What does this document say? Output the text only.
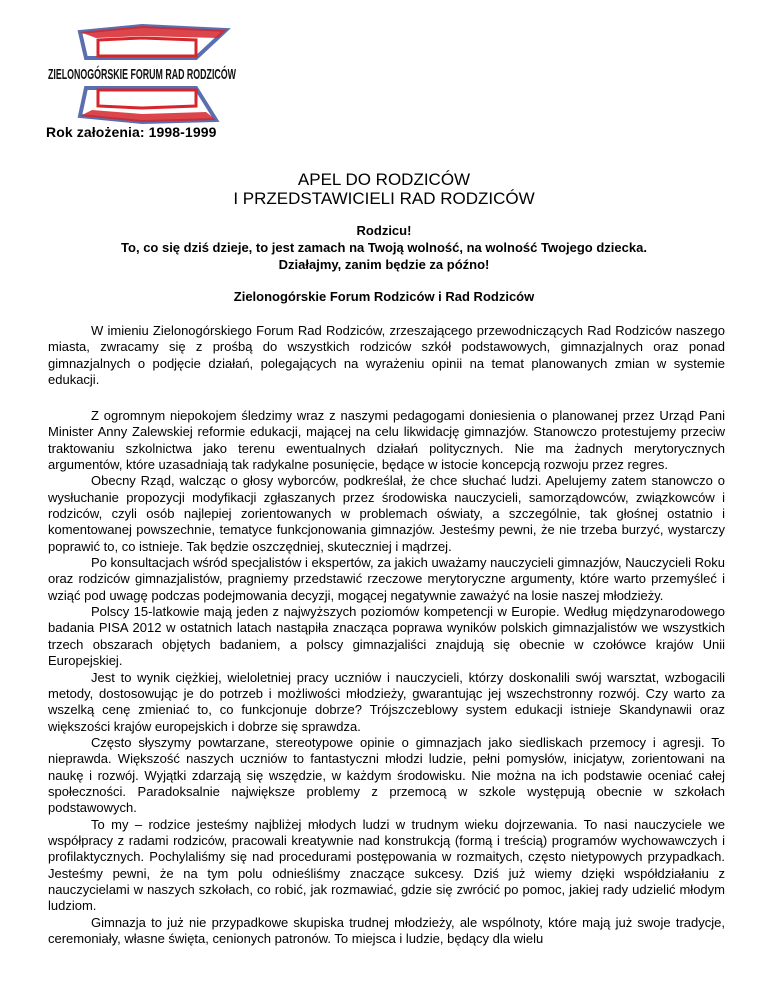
ZIELONOGÓRSKIE FORUM RAD RODZICÓW
Rok założenia: 1998-1999
APEL DO RODZICÓW
I PRZEDSTAWICIELI RAD RODZICÓW
Rodzicu!
To, co się dziś dzieje, to jest zamach na Twoją wolność, na wolność Twojego dziecka.
Działajmy, zanim będzie za późno!
Zielonogórskie Forum Rodziców i Rad Rodziców

W imieniu Zielonogórskiego Forum Rad Rodziców, zrzeszającego przewodniczących Rad Rodziców naszego miasta, zwracamy się z prośbą do wszystkich rodziców szkół podstawowych, gimnazjalnych oraz ponad gimnazjalnych o podjęcie działań, polegających na wyrażeniu opinii na temat planowanych zmian w systemie edukacji.

Z ogromnym niepokojem śledzimy wraz z naszymi pedagogami doniesienia o planowanej przez Urząd Pani Minister Anny Zalewskiej reformie edukacji, mającej na celu likwidację gimnazjów. Stanowczo protestujemy przeciw traktowaniu szkolnictwa jako terenu ewentualnych działań politycznych. Nie ma żadnych merytorycznych argumentów, które uzasadniają tak radykalne posunięcie, będące w istocie koncepcją rozwoju przez regres.

Obecny Rząd, walcząc o głosy wyborców, podkreślał, że chce słuchać ludzi. Apelujemy zatem stanowczo o wysłuchanie propozycji modyfikacji zgłaszanych przez środowiska nauczycieli, samorządowców, związkowców i rodziców, czyli osób najlepiej zorientowanych w problemach oświaty, a szczególnie, tak głośnej ostatnio i komentowanej powszechnie, tematyce funkcjonowania gimnazjów. Jesteśmy pewni, że nie trzeba burzyć, wystarczy poprawić to, co istnieje. Tak będzie oszczędniej, skuteczniej i mądrzej.

Po konsultacjach wśród specjalistów i ekspertów, za jakich uważamy nauczycieli gimnazjów, Nauczycieli Roku oraz rodziców gimnazjalistów, pragniemy przedstawić rzeczowe merytoryczne argumenty, które warto przemyśleć i wziąć pod uwagę podczas podejmowania decyzji, mogącej negatywnie zaważyć na losie naszej młodzieży.

Polscy 15-latkowie mają jeden z najwyższych poziomów kompetencji w Europie. Według międzynarodowego badania PISA 2012 w ostatnich latach nastąpiła znacząca poprawa wyników polskich gimnazjalistów we wszystkich trzech obszarach objętych badaniem, a polscy gimnazjaliści znajdują się obecnie w czołówce krajów Unii Europejskiej.

Jest to wynik ciężkiej, wieloletniej pracy uczniów i nauczycieli, którzy doskonalili swój warsztat, wzbogacili metody, dostosowując je do potrzeb i możliwości młodzieży, gwarantując jej wszechstronny rozwój. Czy warto za wszelką cenę zmieniać to, co funkcjonuje dobrze? Trójszczeblowy system edukacji istnieje Skandynawii oraz większości krajów europejskich i dobrze się sprawdza.

Często słyszymy powtarzane, stereotypowe opinie o gimnazjach jako siedliskach przemocy i agresji. To nieprawda. Większość naszych uczniów to fantastyczni młodzi ludzie, pełni pomysłów, inicjatyw, zorientowani na naukę i rozwój. Wyjątki zdarzają się wszędzie, w każdym środowisku. Nie można na ich podstawie oceniać całej społeczności. Paradoksalnie największe problemy z przemocą w szkole występują obecnie w szkołach podstawowych.

To my – rodzice jesteśmy najbliżej młodych ludzi w trudnym wieku dojrzewania. To nasi nauczyciele we współpracy z radami rodziców, pracowali kreatywnie nad konstrukcją (formą i treścią) programów wychowawczych i profilaktycznych. Pochylaliśmy się nad procedurami postępowania w rozmaitych, często nietypowych przypadkach. Jesteśmy pewni, że na tym polu odnieśliśmy znaczące sukcesy. Dziś już wiemy dzięki współdziałaniu z nauczycielami w naszych szkołach, co robić, jak rozmawiać, gdzie się zwrócić po pomoc, jakiej rady udzielić młodym ludziom.

Gimnazja to już nie przypadkowe skupiska trudnej młodzieży, ale wspólnoty, które mają już swoje tradycje, ceremoniały, własne święta, cenionych patronów. To miejsca i ludzie, będący dla wielu
